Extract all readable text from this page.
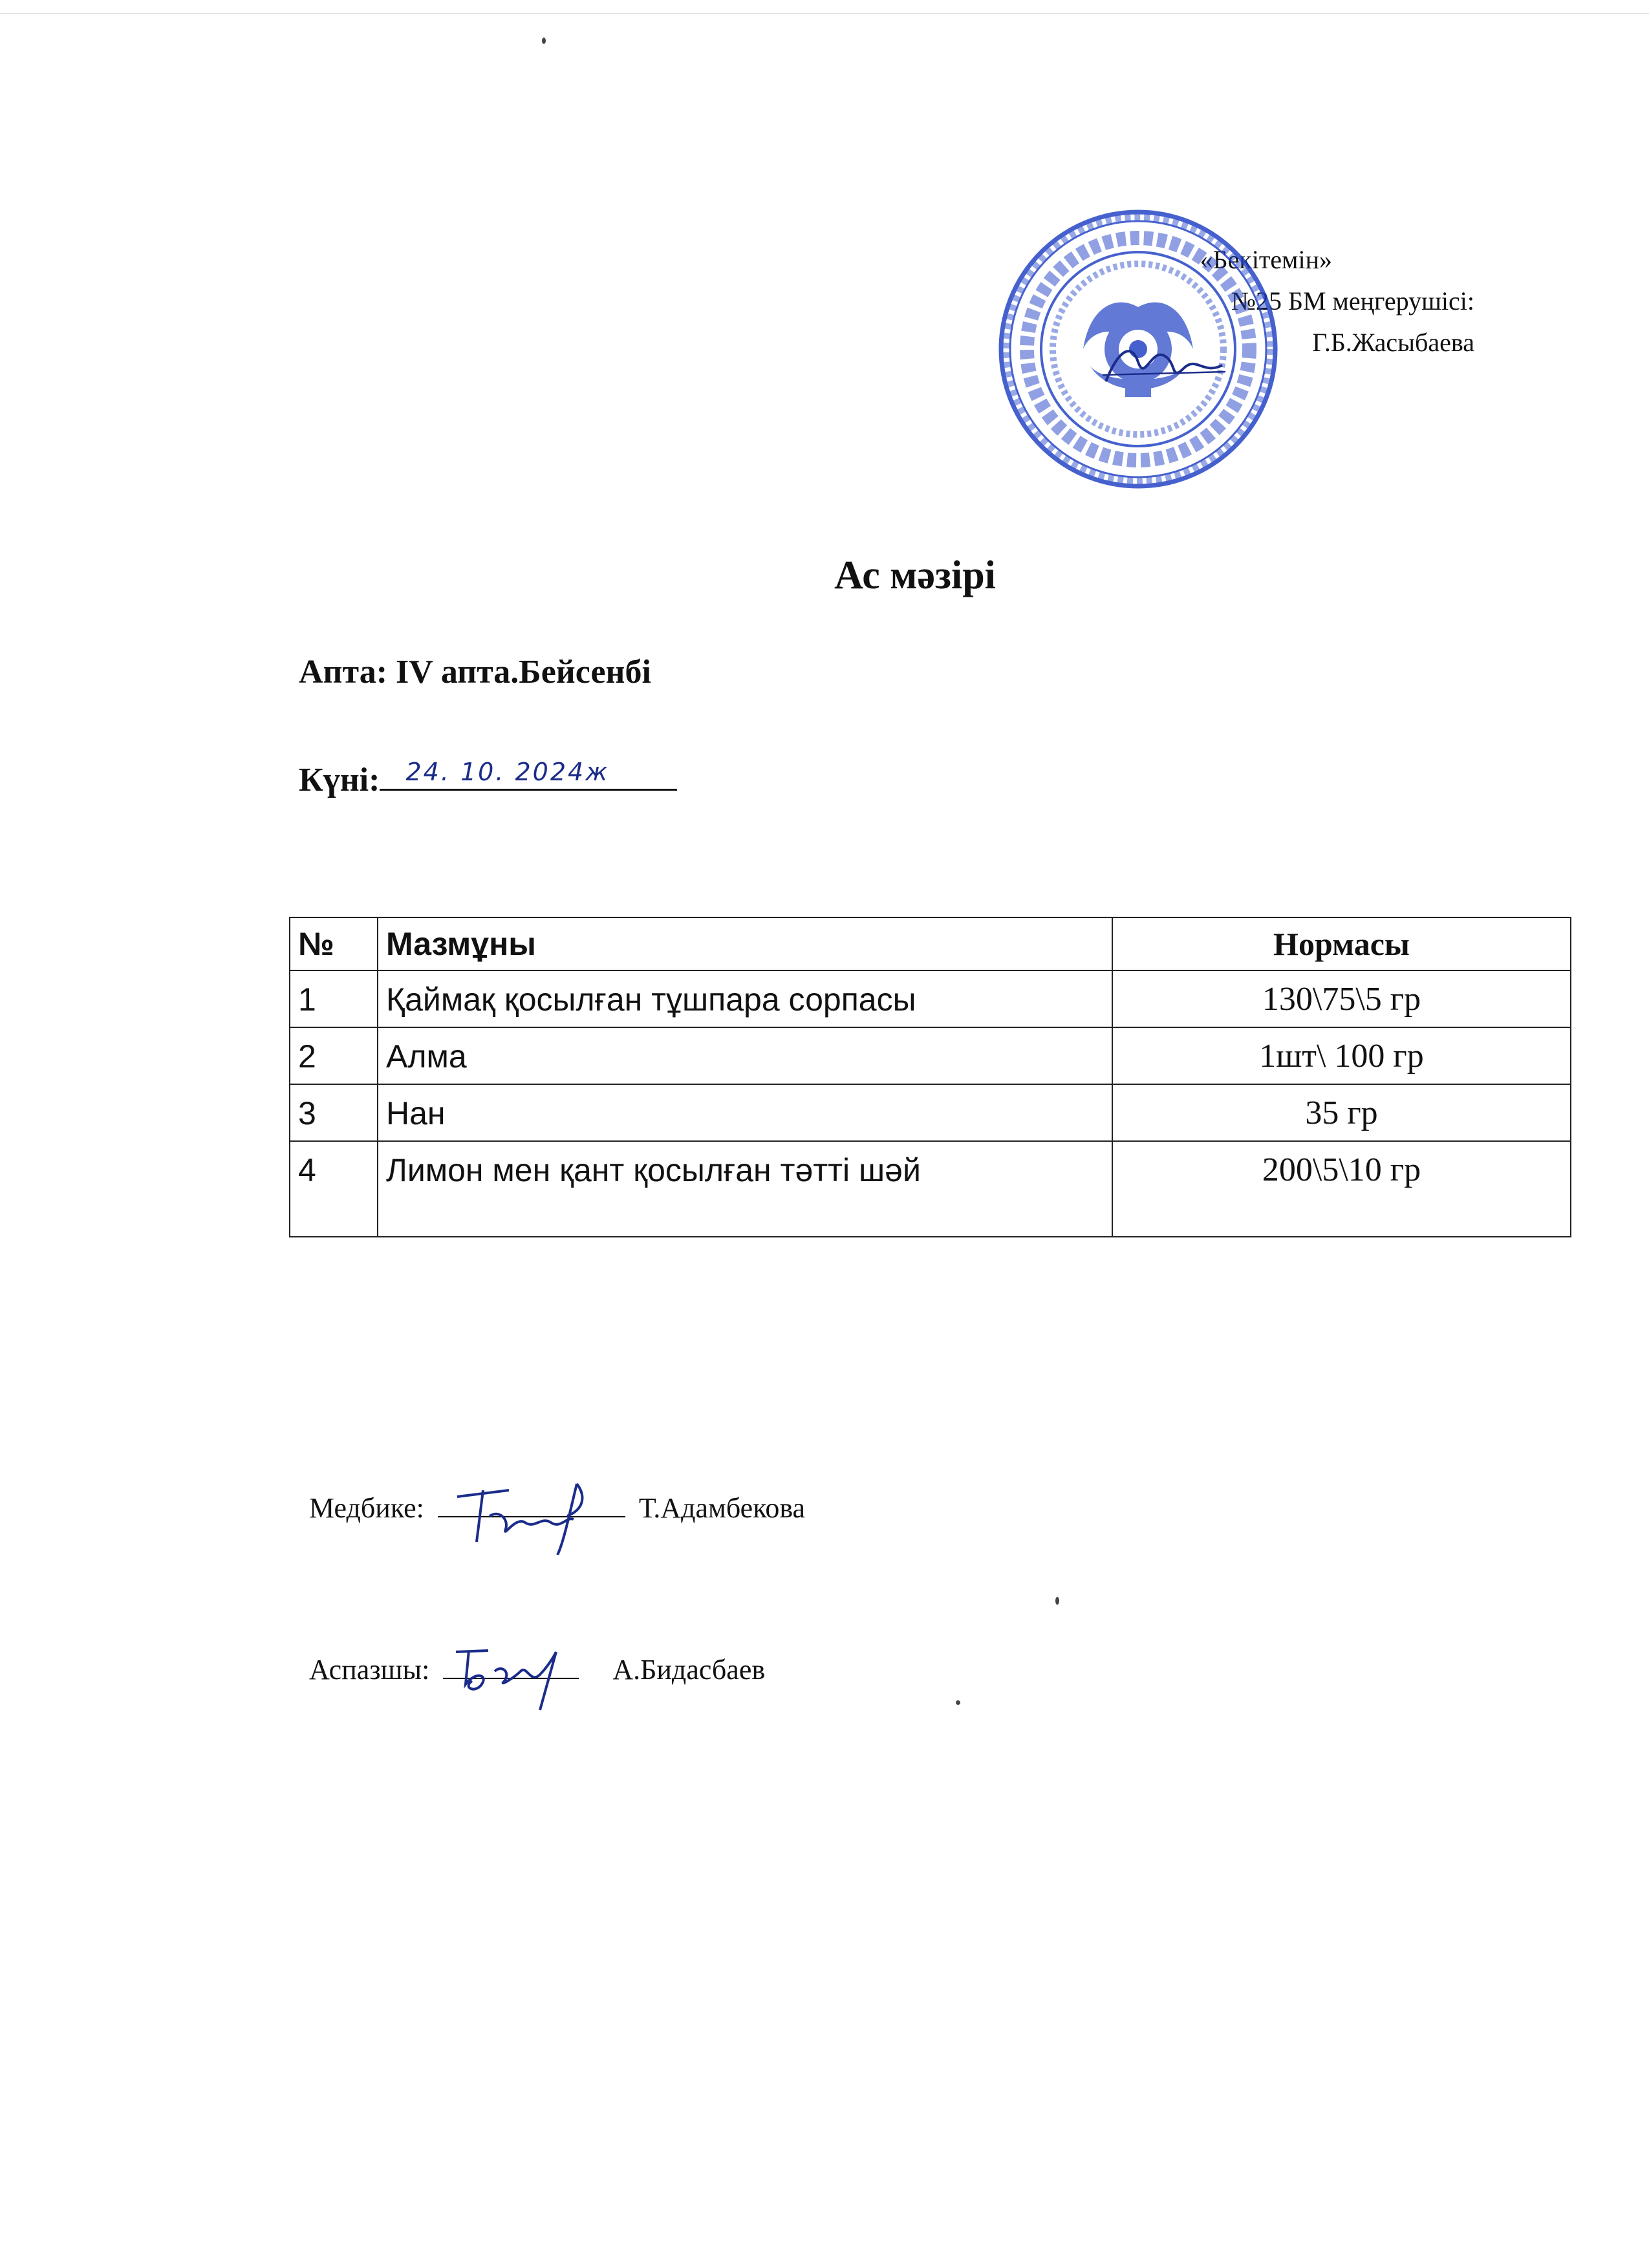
«Бекітемін»
№25 БМ меңгерушісі:
Г.Б.Жасыбаева
Ас мәзірі
Апта: IV апта.Бейсенбі
Күні: 24. 10. 2024ж
№	Мазмұны	Нормасы
1	Қаймақ қосылған тұшпара сорпасы	130\75\5 гр
2	Алма	1шт\ 100 гр
3	Нан	35 гр
4	Лимон мен қант қосылған тәтті шәй	200\5\10 гр
Медбике:	Т.Адамбекова
Аспазшы:	А.Бидасбаев
